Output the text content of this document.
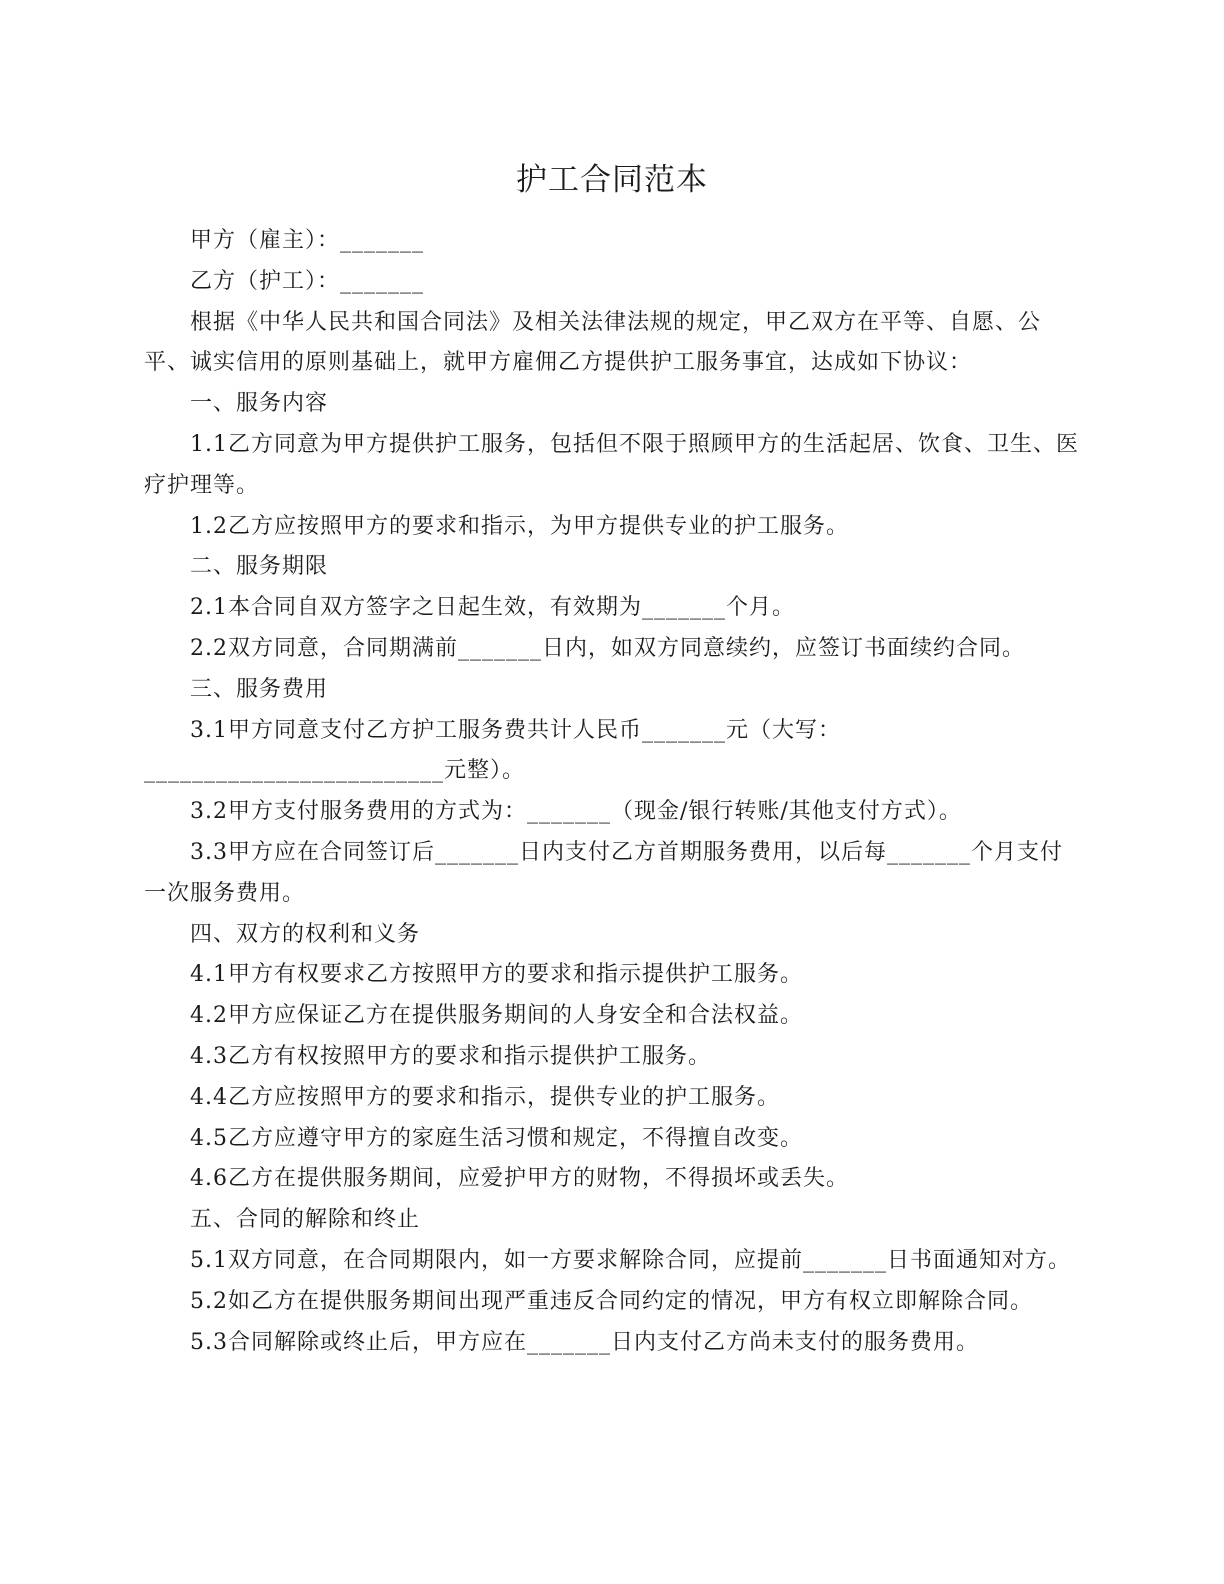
护工合同范本

甲方（雇主）：_______

乙方（护工）：_______

根据《中华人民共和国合同法》及相关法律法规的规定，甲乙双方在平等、自愿、公平、诚实信用的原则基础上，就甲方雇佣乙方提供护工服务事宜，达成如下协议：

一、服务内容

1.1乙方同意为甲方提供护工服务，包括但不限于照顾甲方的生活起居、饮食、卫生、医疗护理等。

1.2乙方应按照甲方的要求和指示，为甲方提供专业的护工服务。

二、服务期限

2.1本合同自双方签字之日起生效，有效期为_______个月。

2.2双方同意，合同期满前_______日内，如双方同意续约，应签订书面续约合同。

三、服务费用

3.1甲方同意支付乙方护工服务费共计人民币_______元（大写：

_________________________元整）。

3.2甲方支付服务费用的方式为：_______（现金/银行转账/其他支付方式）。

3.3甲方应在合同签订后_______日内支付乙方首期服务费用，以后每_______个月支付一次服务费用。

四、双方的权利和义务

4.1甲方有权要求乙方按照甲方的要求和指示提供护工服务。

4.2甲方应保证乙方在提供服务期间的人身安全和合法权益。

4.3乙方有权按照甲方的要求和指示提供护工服务。

4.4乙方应按照甲方的要求和指示，提供专业的护工服务。

4.5乙方应遵守甲方的家庭生活习惯和规定，不得擅自改变。

4.6乙方在提供服务期间，应爱护甲方的财物，不得损坏或丢失。

五、合同的解除和终止

5.1双方同意，在合同期限内，如一方要求解除合同，应提前_______日书面通知对方。

5.2如乙方在提供服务期间出现严重违反合同约定的情况，甲方有权立即解除合同。

5.3合同解除或终止后，甲方应在_______日内支付乙方尚未支付的服务费用。
